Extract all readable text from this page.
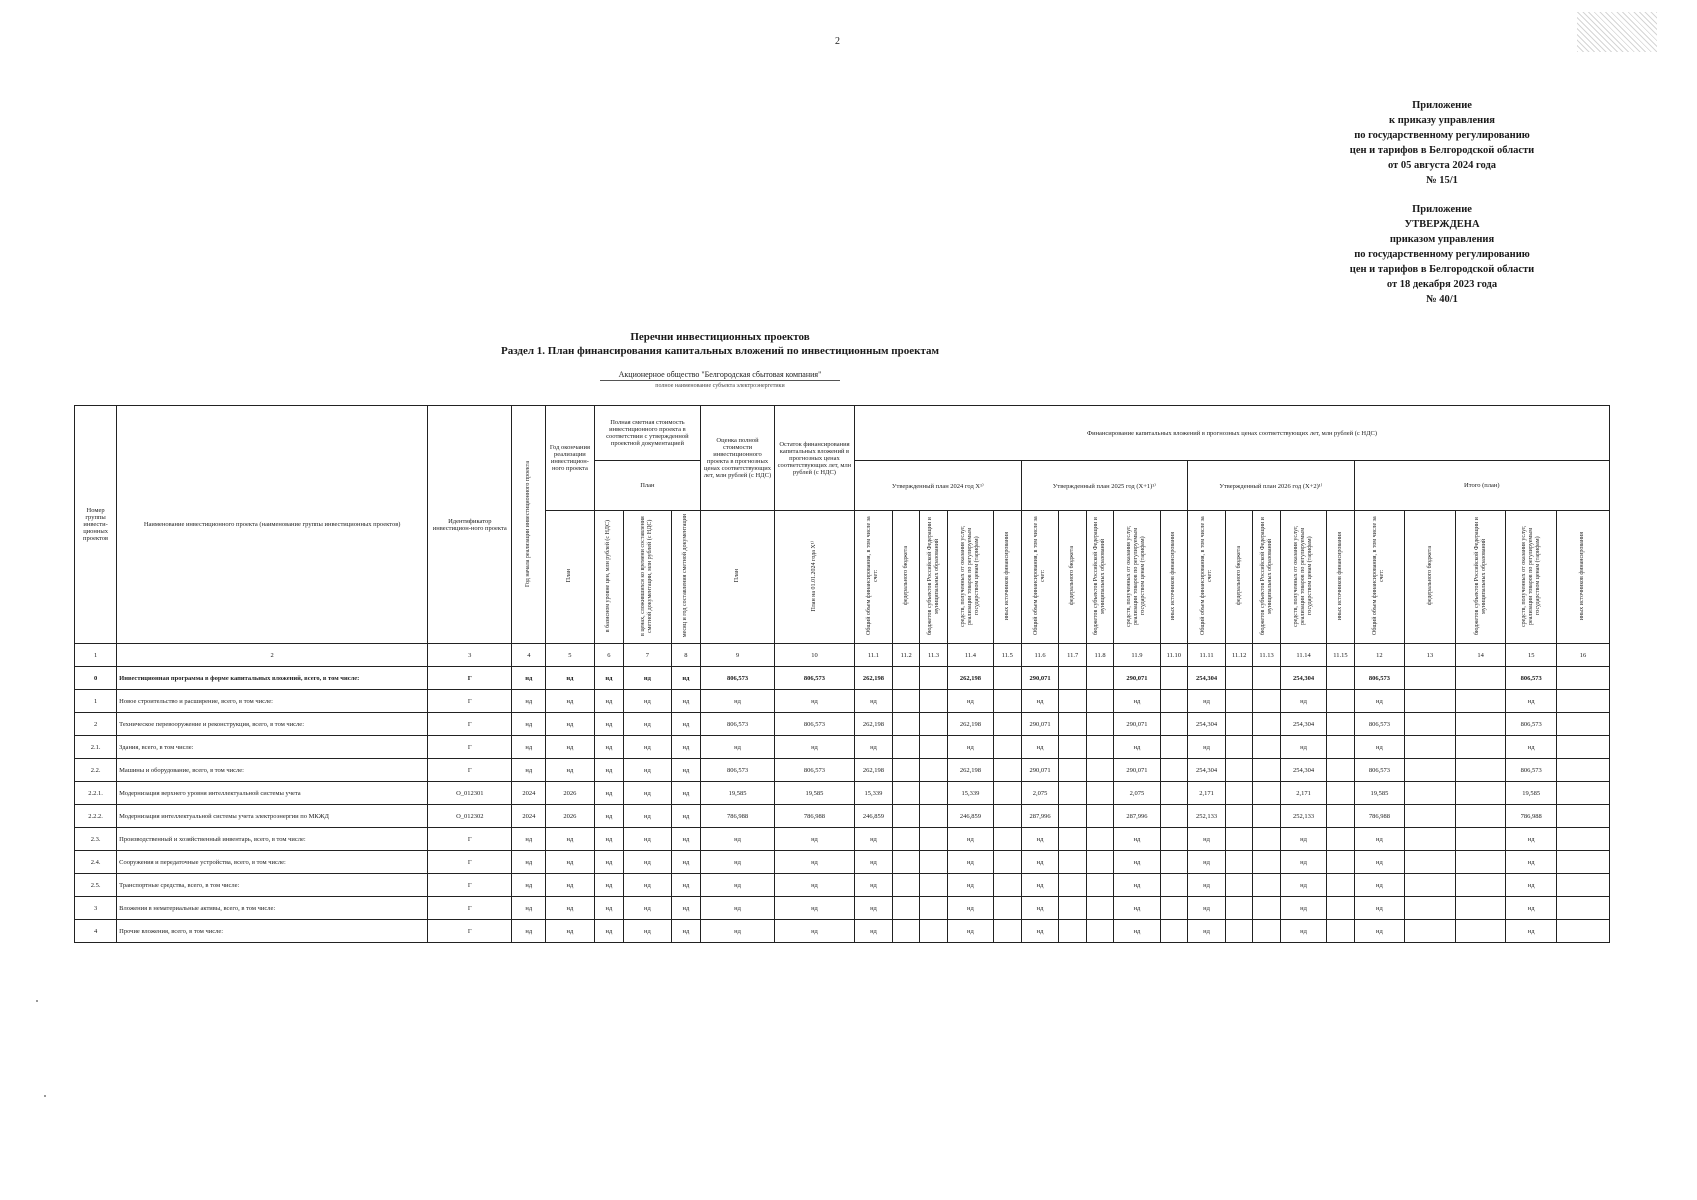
2
Приложение
к приказу управления
по государственному регулированию
цен и тарифов в Белгородской области
от 05 августа 2024 года
№ 15/1
Приложение
УТВЕРЖДЕНА
приказом управления
по государственному регулированию
цен и тарифов в Белгородской области
от 18 декабря 2023 года
№ 40/1
Перечни инвестиционных проектов
Раздел 1. План финансирования капитальных вложений по инвестиционным проектам
Акционерное общество "Белгородская сбытовая компания"
полное наименование субъекта электроэнергетики
Номер группы инвести-ционных проектов	Наименование инвестиционного проекта (наименование группы инвестиционных проектов)	Идентификатор инвестицион-ного проекта	Год начала реализации инвестиционного проекта	Год окончания реализации инвестицион-ного проекта	Полная сметная стоимость инвестиционного проекта в соответствии с утвержденной проектной документацией			Оценка полной стоимости инвестиционного проекта в прогнозных ценах соответствующих лет, млн рублей (с НДС)	Остаток финансирования капитальных вложений в прогнозных ценах соответствующих лет, млн рублей (с НДС)	Финансирование капитальных вложений в прогнозных ценах соответствующих лет, млн рублей (с НДС)																			
					План					Утвержденный план 2024 год X¹⁾					Утвержденный план 2025 год (X+1)¹⁾					Утвержденный план 2026 год (X+2)¹⁾					Итого (план)				

				План	в базисном уровне цен, млн рублей (с НДС)	в ценах, сложившихся ко времени составления сметной документации, млн рублей (с НДС)	месяц и год составления сметной документации	План	План на 01.01.2024 года X¹⁾	Общий объем финансирования, в том числе за счет:	федерального бюджета	бюджетов субъектов Российской Федерации и муниципальных образований	средств, полученных от оказания услуг, реализации товаров по регулируемым государством ценам (тарифам)	иных источников финансирования	Общий объем финансирования, в том числе за счет:	федерального бюджета	бюджетов субъектов Российской Федерации и муниципальных образований	средств, полученных от оказания услуг, реализации товаров по регулируемым государством ценам (тарифам)	иных источников финансирования	Общий объем финансирования, в том числе за счет:	федерального бюджета	бюджетов субъектов Российской Федерации и муниципальных образований	средств, полученных от оказания услуг, реализации товаров по регулируемым государством ценам (тарифам)	иных источников финансирования	Общий объем финансирования, в том числе за счет:	федерального бюджета	бюджетов субъектов Российской Федерации и муниципальных образований	средств, полученных от оказания услуг, реализации товаров по регулируемым государством ценам (тарифам)	иных источников финансирования
1	2	3	4	5	6	7	8	9	10	11.1	11.2	11.3	11.4	11.5	11.6	11.7	11.8	11.9	11.10	11.11	11.12	11.13	11.14	11.15	12	13	14	15	16
0	Инвестиционная программа в форме капитальных вложений, всего, в том числе:	Г	нд	нд	нд	нд	нд	806,573	806,573	262,198			262,198		290,071			290,071		254,304			254,304		806,573			806,573	
1	Новое строительство и расширение, всего, в том числе:	Г	нд	нд	нд	нд	нд	нд	нд	нд			нд		нд			нд		нд			нд		нд			нд	
2	Техническое перевооружение и реконструкция, всего, в том числе:	Г	нд	нд	нд	нд	нд	806,573	806,573	262,198			262,198		290,071			290,071		254,304			254,304		806,573			806,573	
2.1.	Здания, всего, в том числе:	Г	нд	нд	нд	нд	нд	нд	нд	нд			нд		нд			нд		нд			нд		нд			нд	
2.2.	Машины и оборудование, всего, в том числе:	Г	нд	нд	нд	нд	нд	806,573	806,573	262,198			262,198		290,071			290,071		254,304			254,304		806,573			806,573	
2.2.1.	Модернизация верхнего уровня интеллектуальной системы учета	O_012301	2024	2026	нд	нд	нд	19,585	19,585	15,339			15,339		2,075			2,075		2,171			2,171		19,585			19,585	
2.2.2.	Модернизация интеллектуальной системы учета электроэнергии по МКЖД	O_012302	2024	2026	нд	нд	нд	786,988	786,988	246,859			246,859		287,996			287,996		252,133			252,133		786,988			786,988	
2.3.	Производственный и хозяйственный инвентарь, всего, в том числе:	Г	нд	нд	нд	нд	нд	нд	нд	нд			нд		нд			нд		нд			нд		нд			нд	
2.4.	Сооружения и передаточные устройства, всего, в том числе:	Г	нд	нд	нд	нд	нд	нд	нд	нд			нд		нд			нд		нд			нд		нд			нд	
2.5.	Транспортные средства, всего, в том числе:	Г	нд	нд	нд	нд	нд	нд	нд	нд			нд		нд			нд		нд			нд		нд			нд	
3	Вложения в нематериальные активы, всего, в том числе:	Г	нд	нд	нд	нд	нд	нд	нд	нд			нд		нд			нд		нд			нд		нд			нд	
4	Прочие вложения, всего, в том числе:	Г	нд	нд	нд	нд	нд	нд	нд	нд			нд		нд			нд		нд			нд		нд			нд	
